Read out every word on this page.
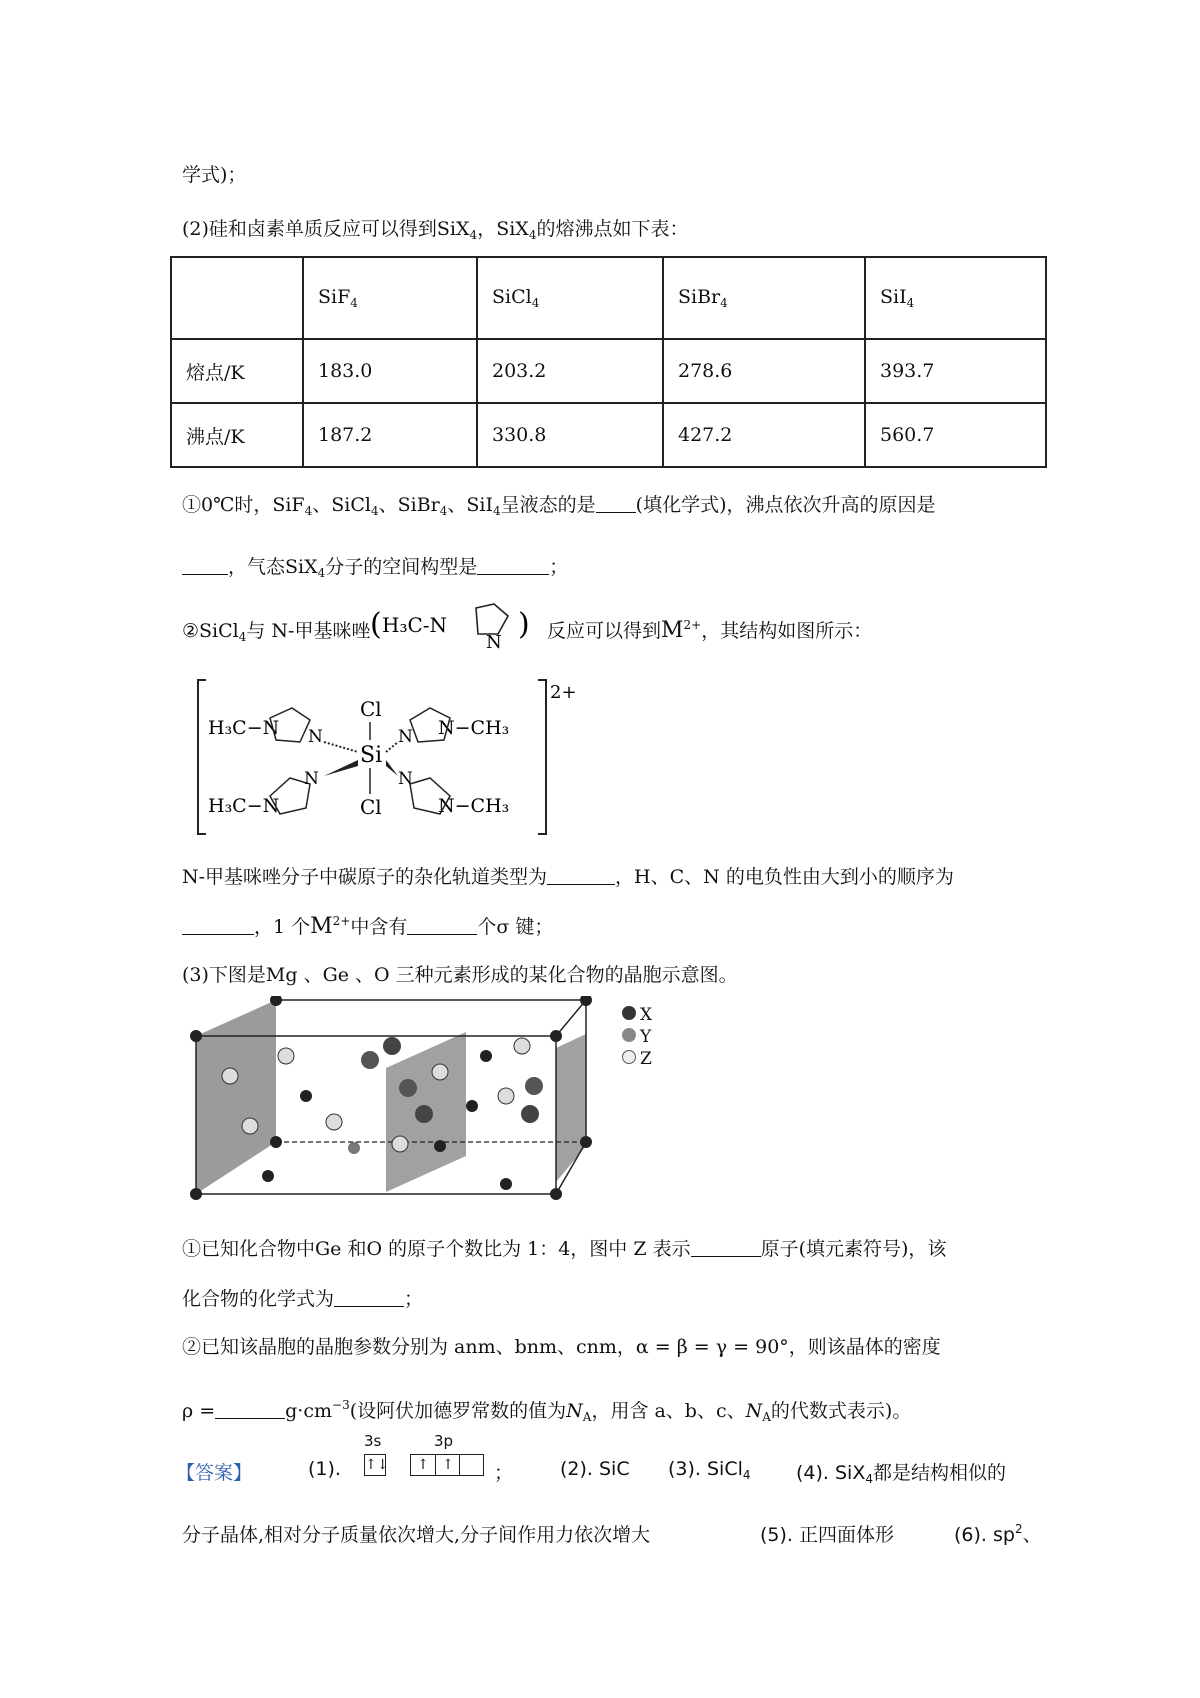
学式)；
(2)硅和卤素单质反应可以得到SiX$_4$，SiX$_4$的熔沸点如下表：
	SiF$_4$	SiCl$_4$	SiBr$_4$	SiI$_4$
熔点/K	183.0	203.2	278.6	393.7
沸点/K	187.2	330.8	427.2	560.7
①0℃时，SiF$_4$、SiCl$_4$、SiBr$_4$、SiI$_4$呈液态的是 (填化学式)，沸点依次升高的原因是
，气态SiX$_4$分子的空间构型是	；
②SiCl$_4$与 N-甲基咪唑 ( H₃C-N
N
) 反应可以得到$M^{2+}$，其结构如图所示：
2+
Cl
Si
Cl
H₃C−N
H₃C−N
N−CH₃
N−CH₃
N
N
N
N
N-甲基咪唑分子中碳原子的杂化轨道类型为	，H、C、N 的电负性由大到小的顺序为
，1 个$M^{2+}$中含有	个σ 键；
(3)下图是Mg 、Ge 、O 三种元素形成的某化合物的晶胞示意图。
X
Y
Z
①已知化合物中Ge 和O 的原子个数比为 1：4，图中 Z 表示	原子(填元素符号)，该
化合物的化学式为	；
②已知该晶胞的晶胞参数分别为 anm、bnm、cnm，α = β = γ = 90°，则该晶体的密度
ρ =	$g\cdot cm^{-3}$(设阿伏加德罗常数的值为$N_A$，用含 a、b、c、$N_A$的代数式表示)。
【答案】	(1).
3s	3p
↑↓	↑ ↑	； (2). SiC (3). SiCl$_4$ (4). SiX$_4$都是结构相似的
分子晶体,相对分子质量依次增大,分子间作用力依次增大	(5). 正四面体形	(6). $sp^2$、
